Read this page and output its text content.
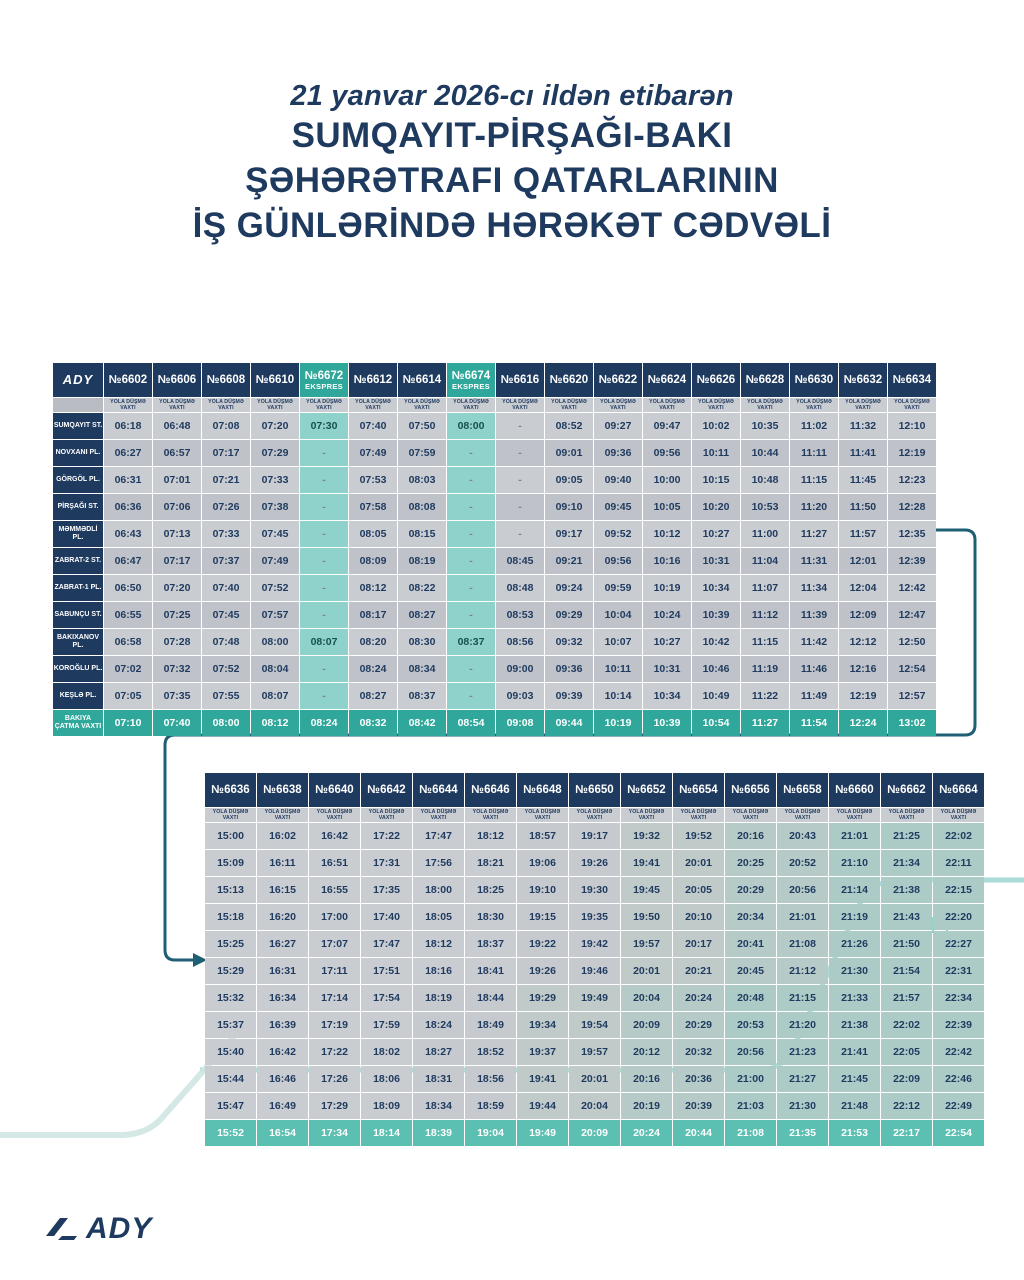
21 yanvar 2026-cı ildən etibarən
SUMQAYIT-PİRŞAĞI-BAKI
ŞƏHƏRƏTRAFI QATARLARININ
İŞ GÜNLƏRİNDƏ HƏRƏKƏT CƏDVƏLİ
ADY	№6602	№6606	№6608	№6610	№6672
EKSPRES	№6612	№6614	№6674
EKSPRES	№6616	№6620	№6622	№6624	№6626	№6628	№6630	№6632	№6634
	YOLA DÜŞMƏ VAXTI	YOLA DÜŞMƏ VAXTI	YOLA DÜŞMƏ VAXTI	YOLA DÜŞMƏ VAXTI	YOLA DÜŞMƏ VAXTI	YOLA DÜŞMƏ VAXTI	YOLA DÜŞMƏ VAXTI	YOLA DÜŞMƏ VAXTI	YOLA DÜŞMƏ VAXTI	YOLA DÜŞMƏ VAXTI	YOLA DÜŞMƏ VAXTI	YOLA DÜŞMƏ VAXTI	YOLA DÜŞMƏ VAXTI	YOLA DÜŞMƏ VAXTI	YOLA DÜŞMƏ VAXTI	YOLA DÜŞMƏ VAXTI	YOLA DÜŞMƏ VAXTI
SUMQAYIT ST.	06:18	06:48	07:08	07:20	07:30	07:40	07:50	08:00	-	08:52	09:27	09:47	10:02	10:35	11:02	11:32	12:10
NOVXANI PL.	06:27	06:57	07:17	07:29	-	07:49	07:59	-	-	09:01	09:36	09:56	10:11	10:44	11:11	11:41	12:19
GÖRGÖL PL.	06:31	07:01	07:21	07:33	-	07:53	08:03	-	-	09:05	09:40	10:00	10:15	10:48	11:15	11:45	12:23
PİRŞAĞI ST.	06:36	07:06	07:26	07:38	-	07:58	08:08	-	-	09:10	09:45	10:05	10:20	10:53	11:20	11:50	12:28
MƏMMƏDLİ PL.	06:43	07:13	07:33	07:45	-	08:05	08:15	-	-	09:17	09:52	10:12	10:27	11:00	11:27	11:57	12:35
ZABRAT-2 ST.	06:47	07:17	07:37	07:49	-	08:09	08:19	-	08:45	09:21	09:56	10:16	10:31	11:04	11:31	12:01	12:39
ZABRAT-1 PL.	06:50	07:20	07:40	07:52	-	08:12	08:22	-	08:48	09:24	09:59	10:19	10:34	11:07	11:34	12:04	12:42
SABUNÇU ST.	06:55	07:25	07:45	07:57	-	08:17	08:27	-	08:53	09:29	10:04	10:24	10:39	11:12	11:39	12:09	12:47
BAKIXANOV PL.	06:58	07:28	07:48	08:00	08:07	08:20	08:30	08:37	08:56	09:32	10:07	10:27	10:42	11:15	11:42	12:12	12:50
KOROĞLU PL.	07:02	07:32	07:52	08:04	-	08:24	08:34	-	09:00	09:36	10:11	10:31	10:46	11:19	11:46	12:16	12:54
KEŞLƏ PL.	07:05	07:35	07:55	08:07	-	08:27	08:37	-	09:03	09:39	10:14	10:34	10:49	11:22	11:49	12:19	12:57
BAKIYA ÇATMA VAXTI	07:10	07:40	08:00	08:12	08:24	08:32	08:42	08:54	09:08	09:44	10:19	10:39	10:54	11:27	11:54	12:24	13:02
№6636	№6638	№6640	№6642	№6644	№6646	№6648	№6650	№6652	№6654	№6656	№6658	№6660	№6662	№6664
YOLA DÜŞMƏ VAXTI	YOLA DÜŞMƏ VAXTI	YOLA DÜŞMƏ VAXTI	YOLA DÜŞMƏ VAXTI	YOLA DÜŞMƏ VAXTI	YOLA DÜŞMƏ VAXTI	YOLA DÜŞMƏ VAXTI	YOLA DÜŞMƏ VAXTI	YOLA DÜŞMƏ VAXTI	YOLA DÜŞMƏ VAXTI	YOLA DÜŞMƏ VAXTI	YOLA DÜŞMƏ VAXTI	YOLA DÜŞMƏ VAXTI	YOLA DÜŞMƏ VAXTI	YOLA DÜŞMƏ VAXTI
15:00	16:02	16:42	17:22	17:47	18:12	18:57	19:17	19:32	19:52	20:16	20:43	21:01	21:25	22:02
15:09	16:11	16:51	17:31	17:56	18:21	19:06	19:26	19:41	20:01	20:25	20:52	21:10	21:34	22:11
15:13	16:15	16:55	17:35	18:00	18:25	19:10	19:30	19:45	20:05	20:29	20:56	21:14	21:38	22:15
15:18	16:20	17:00	17:40	18:05	18:30	19:15	19:35	19:50	20:10	20:34	21:01	21:19	21:43	22:20
15:25	16:27	17:07	17:47	18:12	18:37	19:22	19:42	19:57	20:17	20:41	21:08	21:26	21:50	22:27
15:29	16:31	17:11	17:51	18:16	18:41	19:26	19:46	20:01	20:21	20:45	21:12	21:30	21:54	22:31
15:32	16:34	17:14	17:54	18:19	18:44	19:29	19:49	20:04	20:24	20:48	21:15	21:33	21:57	22:34
15:37	16:39	17:19	17:59	18:24	18:49	19:34	19:54	20:09	20:29	20:53	21:20	21:38	22:02	22:39
15:40	16:42	17:22	18:02	18:27	18:52	19:37	19:57	20:12	20:32	20:56	21:23	21:41	22:05	22:42
15:44	16:46	17:26	18:06	18:31	18:56	19:41	20:01	20:16	20:36	21:00	21:27	21:45	22:09	22:46
15:47	16:49	17:29	18:09	18:34	18:59	19:44	20:04	20:19	20:39	21:03	21:30	21:48	22:12	22:49
15:52	16:54	17:34	18:14	18:39	19:04	19:49	20:09	20:24	20:44	21:08	21:35	21:53	22:17	22:54
ADY
